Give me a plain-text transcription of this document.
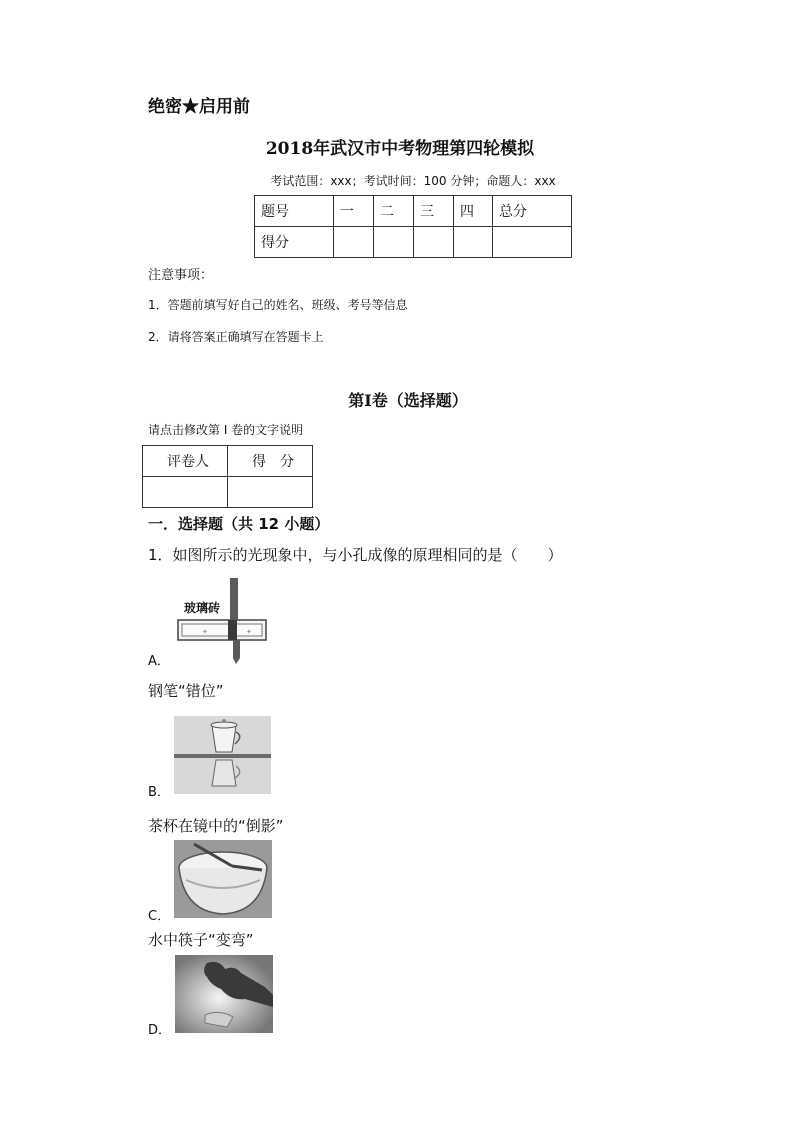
绝密★启用前
2018年武汉市中考物理第四轮模拟
考试范围：xxx；考试时间：100 分钟；命题人：xxx
题号	一	二	三	四	总分
得分					
注意事项：
1．答题前填写好自己的姓名、班级、考号等信息
2．请将答案正确填写在答题卡上
第Ⅰ卷（选择题）
请点击修改第 I 卷的文字说明
评卷人	得　分

一．选择题（共 12 小题）
1．如图所示的光现象中，与小孔成像的原理相同的是（　　）
✦	✦
玻璃砖
A．
钢笔“错位”
B．
茶杯在镜中的“倒影”
C．
水中筷子“变弯”
D．
